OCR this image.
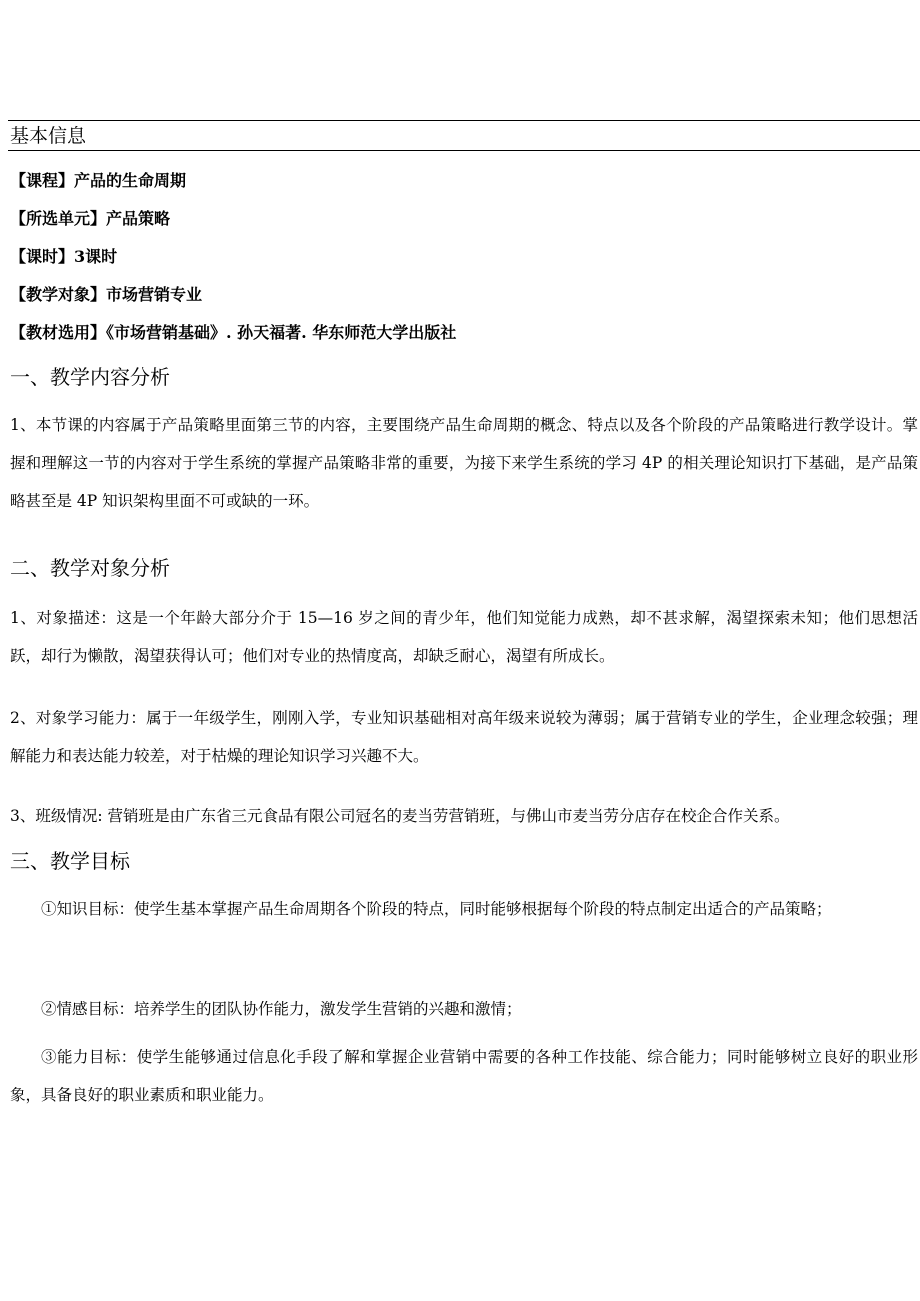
基本信息
【课程】产品的生命周期
【所选单元】产品策略
【课时】3课时
【教学对象】市场营销专业
【教材选用】《市场营销基础》. 孙天福著. 华东师范大学出版社
一、教学内容分析
1、本节课的内容属于产品策略里面第三节的内容，主要围绕产品生命周期的概念、特点以及各个阶段的产品策略进行教学设计。掌握和理解这一节的内容对于学生系统的掌握产品策略非常的重要，为接下来学生系统的学习 4P 的相关理论知识打下基础，是产品策略甚至是 4P 知识架构里面不可或缺的一环。
二、教学对象分析
1、对象描述：这是一个年龄大部分介于 15—16 岁之间的青少年，他们知觉能力成熟，却不甚求解，渴望探索未知；他们思想活跃，却行为懒散，渴望获得认可；他们对专业的热情度高，却缺乏耐心，渴望有所成长。
2、对象学习能力：属于一年级学生，刚刚入学，专业知识基础相对高年级来说较为薄弱；属于营销专业的学生，企业理念较强；理解能力和表达能力较差，对于枯燥的理论知识学习兴趣不大。
3、班级情况: 营销班是由广东省三元食品有限公司冠名的麦当劳营销班，与佛山市麦当劳分店存在校企合作关系。
三、教学目标
①知识目标：使学生基本掌握产品生命周期各个阶段的特点，同时能够根据每个阶段的特点制定出适合的产品策略；
②情感目标：培养学生的团队协作能力，激发学生营销的兴趣和激情；
③能力目标：使学生能够通过信息化手段了解和掌握企业营销中需要的各种工作技能、综合能力；同时能够树立良好的职业形象，具备良好的职业素质和职业能力。
